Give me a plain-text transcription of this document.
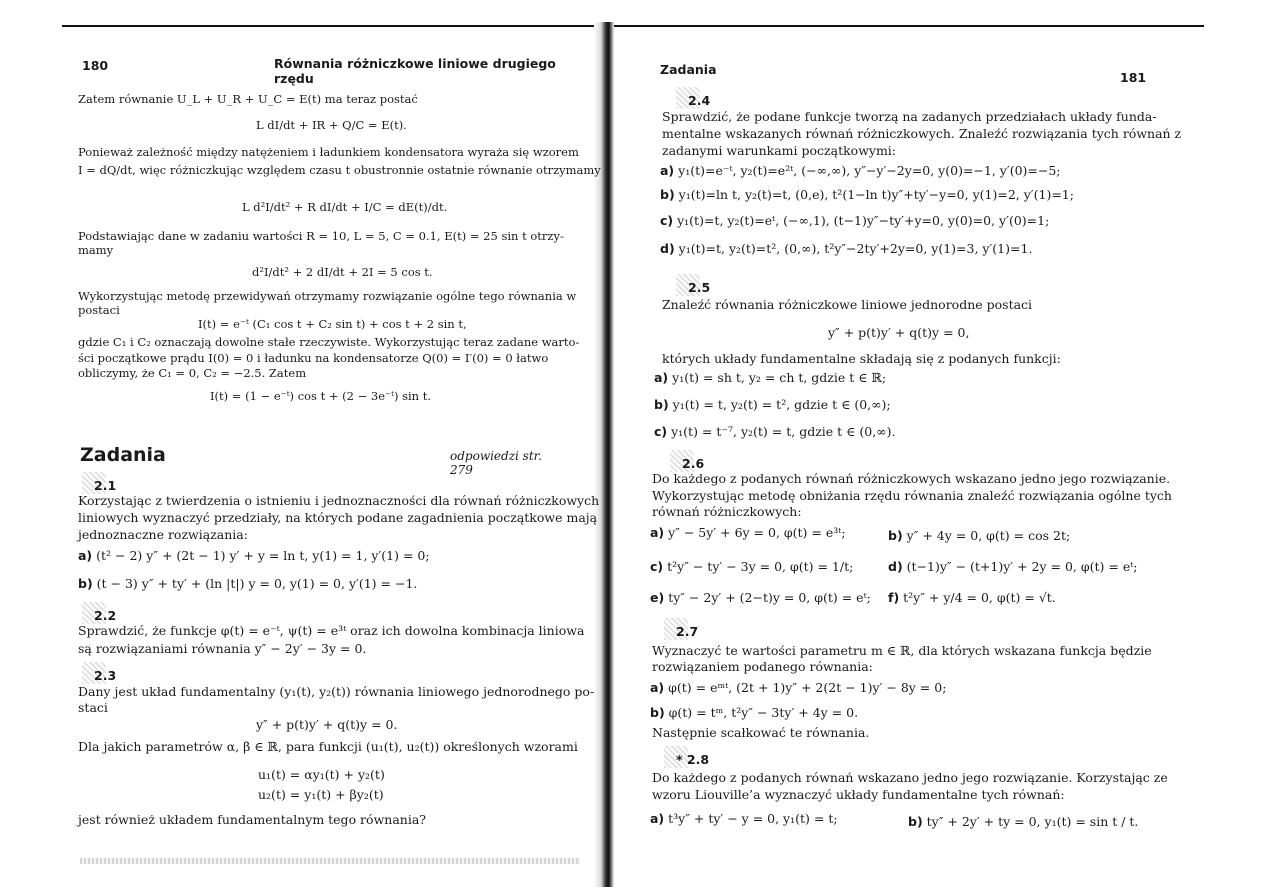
180	Równania różniczkowe liniowe drugiego rzędu
Zatem równanie U_L + U_R + U_C = E(t) ma teraz postać
L dI/dt + IR + Q/C = E(t).
Ponieważ zależność między natężeniem i ładunkiem kondensatora wyraża się wzorem
I = dQ/dt, więc różniczkując względem czasu t obustronnie ostatnie równanie otrzymamy
L d²I/dt² + R dI/dt + I/C = dE(t)/dt.
Podstawiając dane w zadaniu wartości R = 10, L = 5, C = 0.1, E(t) = 25 sin t otrzy-
mamy
d²I/dt² + 2 dI/dt + 2I = 5 cos t.
Wykorzystując metodę przewidywań otrzymamy rozwiązanie ogólne tego równania w
postaci
I(t) = e⁻ᵗ (C₁ cos t + C₂ sin t) + cos t + 2 sin t,
gdzie C₁ i C₂ oznaczają dowolne stałe rzeczywiste. Wykorzystując teraz zadane warto-
ści początkowe prądu I(0) = 0 i ładunku na kondensatorze Q(0) = I′(0) = 0 łatwo
obliczymy, że C₁ = 0, C₂ = −2.5. Zatem
I(t) = (1 − e⁻ᵗ) cos t + (2 − 3e⁻ᵗ) sin t.
Zadania	odpowiedzi str. 279
2.1
Korzystając z twierdzenia o istnieniu i jednoznaczności dla równań różniczkowych
liniowych wyznaczyć przedziały, na których podane zagadnienia początkowe mają
jednoznaczne rozwiązania:
a) (t² − 2) y″ + (2t − 1) y′ + y = ln t, y(1) = 1, y′(1) = 0;
b) (t − 3) y″ + ty′ + (ln |t|) y = 0, y(1) = 0, y′(1) = −1.
2.2
Sprawdzić, że funkcje φ(t) = e⁻ᵗ, ψ(t) = e³ᵗ oraz ich dowolna kombinacja liniowa
są rozwiązaniami równania y″ − 2y′ − 3y = 0.
2.3
Dany jest układ fundamentalny (y₁(t), y₂(t)) równania liniowego jednorodnego po-
staci
y″ + p(t)y′ + q(t)y = 0.
Dla jakich parametrów α, β ∈ ℝ, para funkcji (u₁(t), u₂(t)) określonych wzorami
u₁(t) = αy₁(t) + y₂(t)
u₂(t) = y₁(t) + βy₂(t)
jest również układem fundamentalnym tego równania?
Zadania
181
2.4
Sprawdzić, że podane funkcje tworzą na zadanych przedziałach układy funda-
mentalne wskazanych równań różniczkowych. Znaleźć rozwiązania tych równań z
zadanymi warunkami początkowymi:
a) y₁(t)=e⁻ᵗ, y₂(t)=e²ᵗ, (−∞,∞), y″−y′−2y=0, y(0)=−1, y′(0)=−5;
b) y₁(t)=ln t, y₂(t)=t, (0,e), t²(1−ln t)y″+ty′−y=0, y(1)=2, y′(1)=1;
c) y₁(t)=t, y₂(t)=eᵗ, (−∞,1), (t−1)y″−ty′+y=0, y(0)=0, y′(0)=1;
d) y₁(t)=t, y₂(t)=t², (0,∞), t²y″−2ty′+2y=0, y(1)=3, y′(1)=1.
2.5
Znaleźć równania różniczkowe liniowe jednorodne postaci
y″ + p(t)y′ + q(t)y = 0,
których układy fundamentalne składają się z podanych funkcji:
a) y₁(t) = sh t, y₂ = ch t, gdzie t ∈ ℝ;
b) y₁(t) = t, y₂(t) = t², gdzie t ∈ (0,∞);
c) y₁(t) = t⁻⁷, y₂(t) = t, gdzie t ∈ (0,∞).
2.6
Do każdego z podanych równań różniczkowych wskazano jedno jego rozwiązanie.
Wykorzystując metodę obniżania rzędu równania znaleźć rozwiązania ogólne tych
równań różniczkowych:
a) y″ − 5y′ + 6y = 0, φ(t) = e³ᵗ;	b) y″ + 4y = 0, φ(t) = cos 2t;
c) t²y″ − ty′ − 3y = 0, φ(t) = 1/t;	d) (t−1)y″ − (t+1)y′ + 2y = 0, φ(t) = eᵗ;
e) ty″ − 2y′ + (2−t)y = 0, φ(t) = eᵗ; f) t²y″ + y/4 = 0, φ(t) = √t.
2.7
Wyznaczyć te wartości parametru m ∈ ℝ, dla których wskazana funkcja będzie
rozwiązaniem podanego równania:
a) φ(t) = eᵐᵗ, (2t + 1)y″ + 2(2t − 1)y′ − 8y = 0;
b) φ(t) = tᵐ, t²y″ − 3ty′ + 4y = 0.
Następnie scałkować te równania.
* 2.8
Do każdego z podanych równań wskazano jedno jego rozwiązanie. Korzystając ze
wzoru Liouville’a wyznaczyć układy fundamentalne tych równań:
a) t³y″ + ty′ − y = 0, y₁(t) = t;	b) ty″ + 2y′ + ty = 0, y₁(t) = sin t / t.
